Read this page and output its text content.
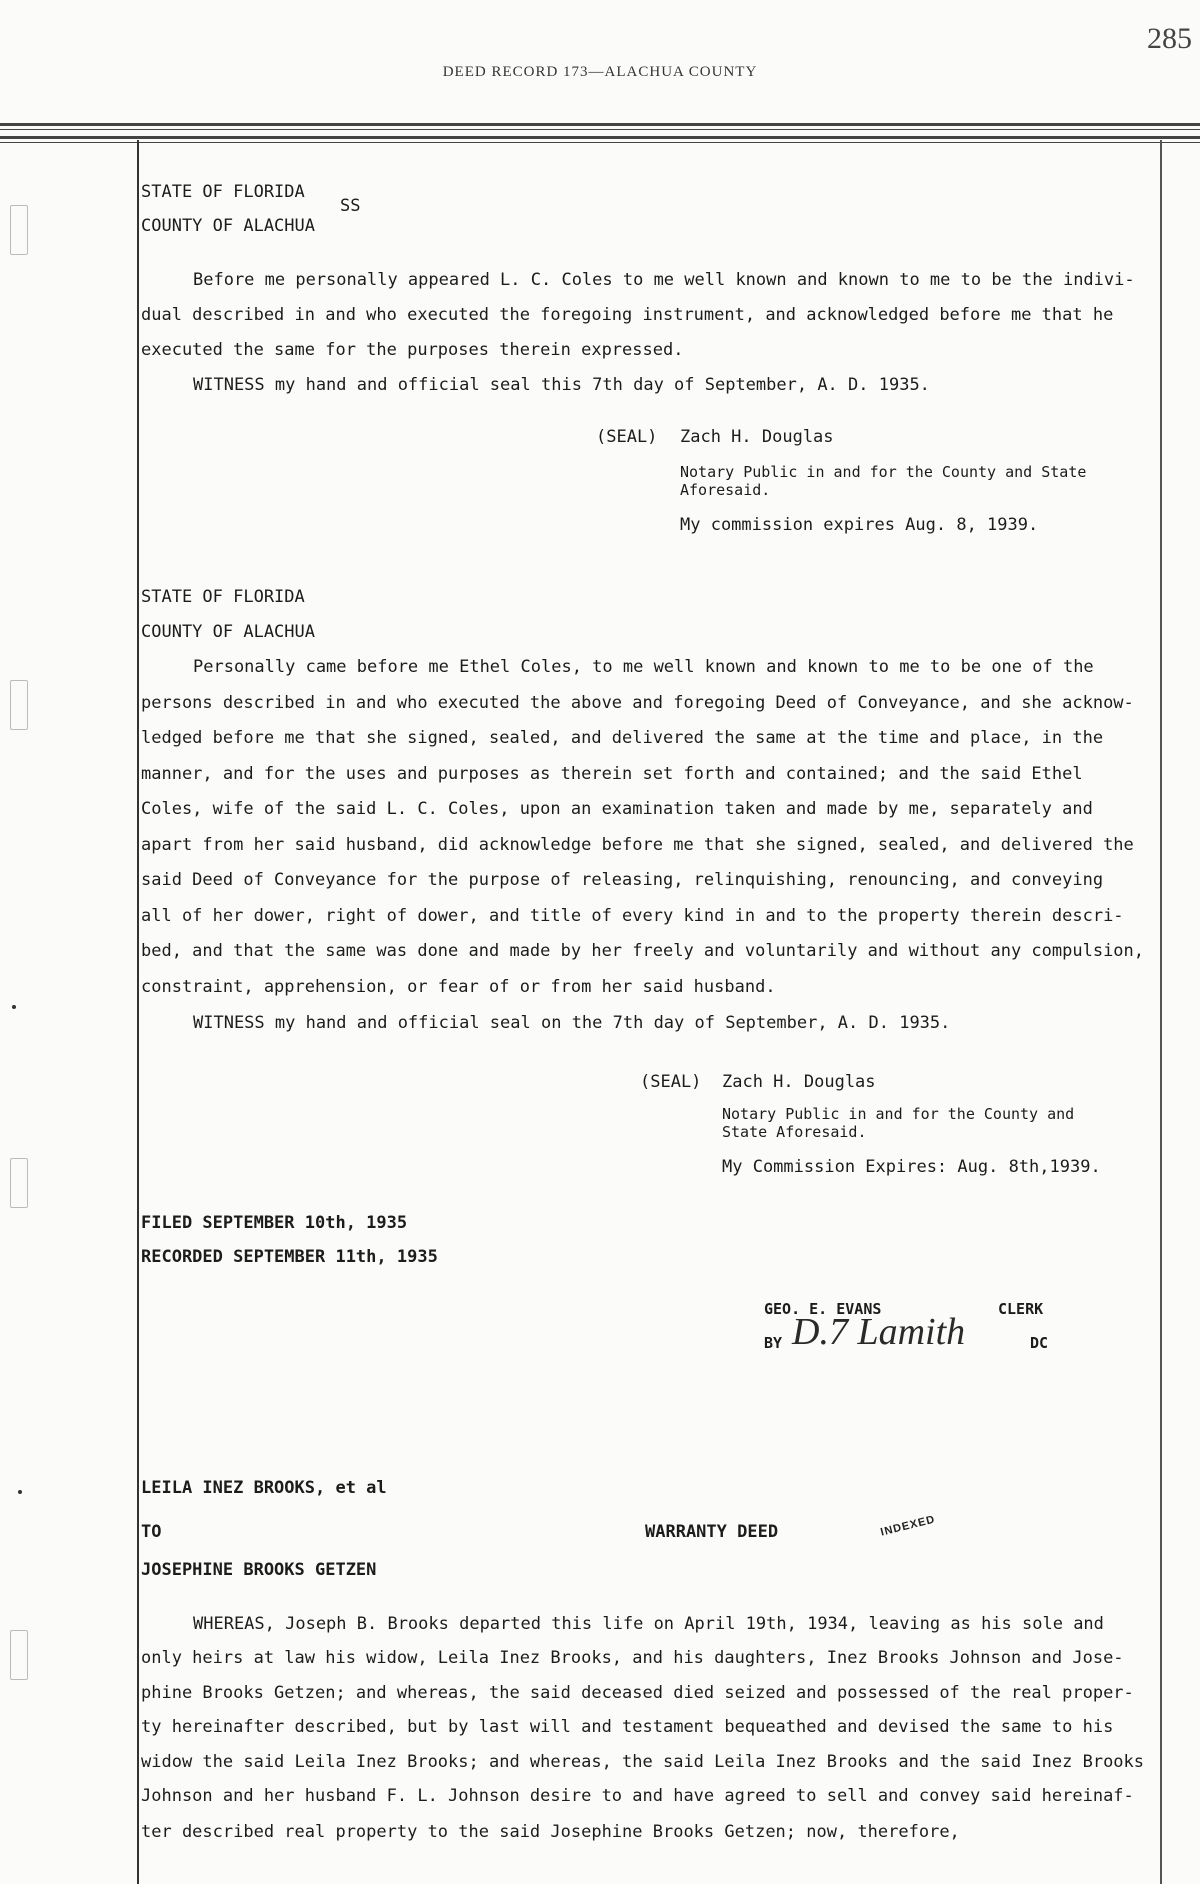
285
DEED RECORD 173—ALACHUA COUNTY
STATE OF FLORIDA
SS
COUNTY OF ALACHUA
Before me personally appeared L. C. Coles to me well known and known to me to be the indivi-
dual described in and who executed the foregoing instrument, and acknowledged before me that he
executed the same for the purposes therein expressed.
WITNESS my hand and official seal this 7th day of September, A. D. 1935.
(SEAL) Zach H. Douglas
Notary Public in and for the County and State
Aforesaid.
My commission expires Aug. 8, 1939.
STATE OF FLORIDA
COUNTY OF ALACHUA
Personally came before me Ethel Coles, to me well known and known to me to be one of the
persons described in and who executed the above and foregoing Deed of Conveyance, and she acknow-
ledged before me that she signed, sealed, and delivered the same at the time and place, in the
manner, and for the uses and purposes as therein set forth and contained; and the said Ethel
Coles, wife of the said L. C. Coles, upon an examination taken and made by me, separately and
apart from her said husband, did acknowledge before me that she signed, sealed, and delivered the
said Deed of Conveyance for the purpose of releasing, relinquishing, renouncing, and conveying
all of her dower, right of dower, and title of every kind in and to the property therein descri-
bed, and that the same was done and made by her freely and voluntarily and without any compulsion,
constraint, apprehension, or fear of or from her said husband.
WITNESS my hand and official seal on the 7th day of September, A. D. 1935.
(SEAL) Zach H. Douglas
Notary Public in and for the County and
State Aforesaid.
My Commission Expires: Aug. 8th,1939.
FILED SEPTEMBER 10th, 1935
RECORDED SEPTEMBER 11th, 1935
GEO. E. EVANS	CLERK
BY D.7 Lamith	DC
LEILA INEZ BROOKS, et al
TO	WARRANTY DEED	INDEXED
JOSEPHINE BROOKS GETZEN
WHEREAS, Joseph B. Brooks departed this life on April 19th, 1934, leaving as his sole and
only heirs at law his widow, Leila Inez Brooks, and his daughters, Inez Brooks Johnson and Jose-
phine Brooks Getzen; and whereas, the said deceased died seized and possessed of the real proper-
ty hereinafter described, but by last will and testament bequeathed and devised the same to his
widow the said Leila Inez Brooks; and whereas, the said Leila Inez Brooks and the said Inez Brooks
Johnson and her husband F. L. Johnson desire to and have agreed to sell and convey said hereinaf-
ter described real property to the said Josephine Brooks Getzen; now, therefore,
